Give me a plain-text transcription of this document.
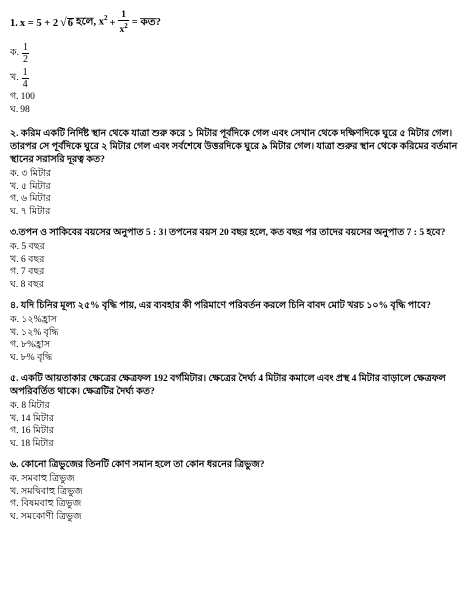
1. x = 5 + 2 √ 6 হলে, $x^2 + \frac{1}{x^2}$ = কত?
ক. $\frac{1}{2}$
খ. $\frac{1}{4}$
গ. 100
ঘ. 98
২. করিম একটি নির্দিষ্ট স্থান থেকে যাত্রা শুরু করে ১ মিটার পূর্বদিকে গেল এবং সেখান থেকে দক্ষিণদিকে ঘুরে ৫ মিটার গেল। তারপর সে পূর্বদিকে ঘুরে ২ মিটার গেল এবং সর্বশেষে উত্তরদিকে ঘুরে ৯ মিটার গেল। যাত্রা শুরুর স্থান থেকে করিমের বর্তমান স্থানের সরাসরি দূরত্ব কত?
ক. ৩ মিটার
খ. ৫ মিটার
গ. ৬ মিটার
ঘ. ৭ মিটার
৩.তপন ও সাকিবের বয়সের অনুপাত 5 : 3। তপনের বয়স 20 বছর হলে, কত বছর পর তাদের বয়সের অনুপাত 7 : 5 হবে?
ক. 5 বছর
খ. 6 বছর
গ. 7 বছর
ঘ. 8 বছর
৪. যদি চিনির মূল্য ২৫% বৃদ্ধি পায়, এর ব্যবহার কী পরিমাণে পরিবর্তন করলে চিনি বাবদ মোট খরচ ১০% বৃদ্ধি পাবে?
ক. ১২%হ্রাস
খ. ১২% বৃদ্ধি
গ. ৮%হ্রাস
ঘ. ৮% বৃদ্ধি
৫. একটি আয়তাকার ক্ষেত্রের ক্ষেত্রফল 192 বর্গমিটার। ক্ষেত্রের দৈর্ঘ্য 4 মিটার কমালে এবং প্রস্থ 4 মিটার বাড়ালে ক্ষেত্রফল অপরিবর্তিত থাকে। ক্ষেত্রটির দৈর্ঘ্য কত?
ক. 8 মিটার
খ. 14 মিটার
গ. 16 মিটার
ঘ. 18 মিটার
৬. কোনো ত্রিভুজের তিনটি কোণ সমান হলে তা কোন ধরনের ত্রিভুজ?
ক. সমবাহু ত্রিভুজ
খ. সমদ্বিবাহু ত্রিভুজ
গ. বিষমবাহু ত্রিভুজ
ঘ. সমকোণী ত্রিভুজ
